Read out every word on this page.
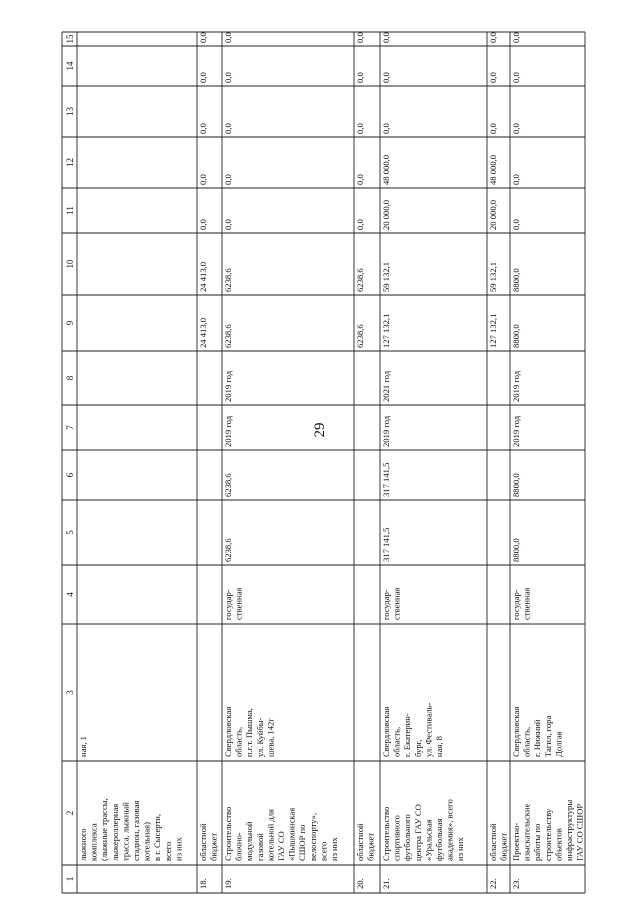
29
1
2
3
4
5
6
7
8
9
10
11
12
13
14
15
лыжного комплекса (лыжные трассы, лыжероллерная трасса, лыжный стадион, газовая котельная) в г. Сысерти, всего из них
ная, 1
18.
областной бюджет
24 413,0
24 413,0
0,0
0,0
0,0
0,0
0,0
19.
Строительство блочно- модульной газовой котельной для ГАУ СО «Пышминская СШОР по велоспорту», всего из них
Свердловская область, п.г.т. Пышма, ул. Куйбы- шева, 142г
государ- ственная
6238,6
6238,6
2019 год
2019 год
6238,6
6238,6
0,0
0,0
0,0
0,0
0,0
20.
областной бюджет
6238,6
6238,6
0,0
0,0
0,0
0,0
0,0
21.
Строительство спортивного футбольного центра ГАУ СО «Уральская футбольная академия», всего из них
Свердловская область, г. Екатерин- бург, ул. Фестиваль- ная, 8
государ- ственная
317 141,5
317 141,5
2019 год
2021 год
127 132,1
59 132,1
20 000,0
48 000,0
0,0
0,0
0,0
22.
областной бюджет
127 132,1
59 132,1
20 000,0
48 000,0
0,0
0,0
0,0
23.
Проектно- изыскательские работы по строительству объектов инфраструктуры ГАУ СО СШОР
Свердловская область, г. Нижний Тагил, гора Долгая
государ- ственная
8800,0
8800,0
2019 год
2019 год
8800,0
8800,0
0,0
0,0
0,0
0,0
0,0
